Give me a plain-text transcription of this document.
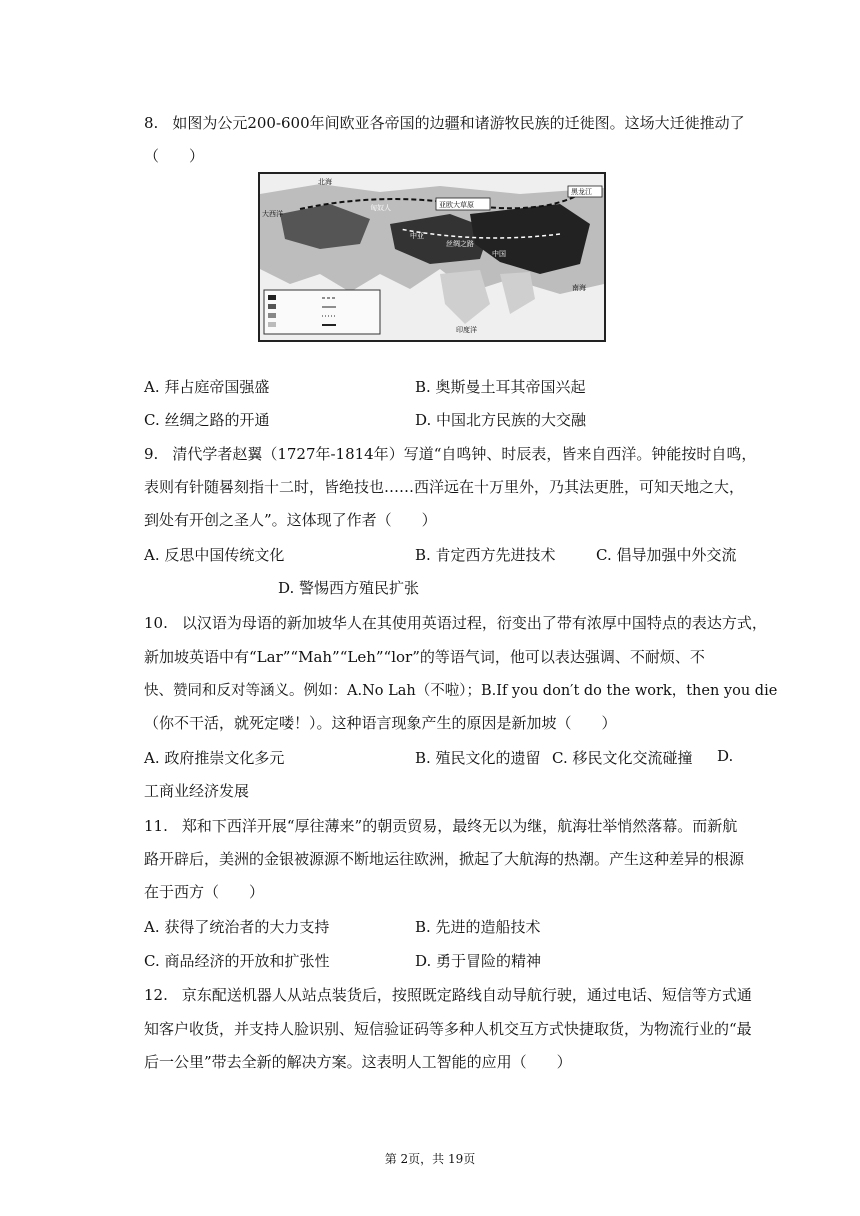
8. 如图为公元200-600年间欧亚各帝国的边疆和诸游牧民族的迁徙图。这场大迁徙推动了
（　　）
北海
大西洋
亚欧大草原
黑龙江
中国
丝绸之路
中亚
匈奴人
印度洋
南海
A. 拜占庭帝国强盛	B. 奥斯曼土耳其帝国兴起
C. 丝绸之路的开通	D. 中国北方民族的大交融
9. 清代学者赵翼（1727年-1814年）写道“自鸣钟、时辰表，皆来自西洋。钟能按时自鸣，
表则有针随晷刻指十二时，皆绝技也……西洋远在十万里外，乃其法更胜，可知天地之大，
到处有开创之圣人”。这体现了作者（　　）
A. 反思中国传统文化	B. 肯定西方先进技术	C. 倡导加强中外交流
D. 警惕西方殖民扩张
10. 以汉语为母语的新加坡华人在其使用英语过程，衍变出了带有浓厚中国特点的表达方式，
新加坡英语中有“Lar”“Mah”“Leh”“lor”的等语气词，他可以表达强调、不耐烦、不
快、赞同和反对等涵义。例如：A.No Lah（不啦）；B.If you don′t do the work，then you die
（你不干活，就死定喽！）。这种语言现象产生的原因是新加坡（　　）
A. 政府推崇文化多元	B. 殖民文化的遗留 C. 移民文化交流碰撞 D.
工商业经济发展
11. 郑和下西洋开展“厚往薄来”的朝贡贸易，最终无以为继，航海壮举悄然落幕。而新航
路开辟后，美洲的金银被源源不断地运往欧洲，掀起了大航海的热潮。产生这种差异的根源
在于西方（　　）
A. 获得了统治者的大力支持	B. 先进的造船技术
C. 商品经济的开放和扩张性	D. 勇于冒险的精神
12. 京东配送机器人从站点装货后，按照既定路线自动导航行驶，通过电话、短信等方式通
知客户收货，并支持人脸识别、短信验证码等多种人机交互方式快捷取货，为物流行业的“最
后一公里”带去全新的解决方案。这表明人工智能的应用（　　）
第 2页，共 19页
